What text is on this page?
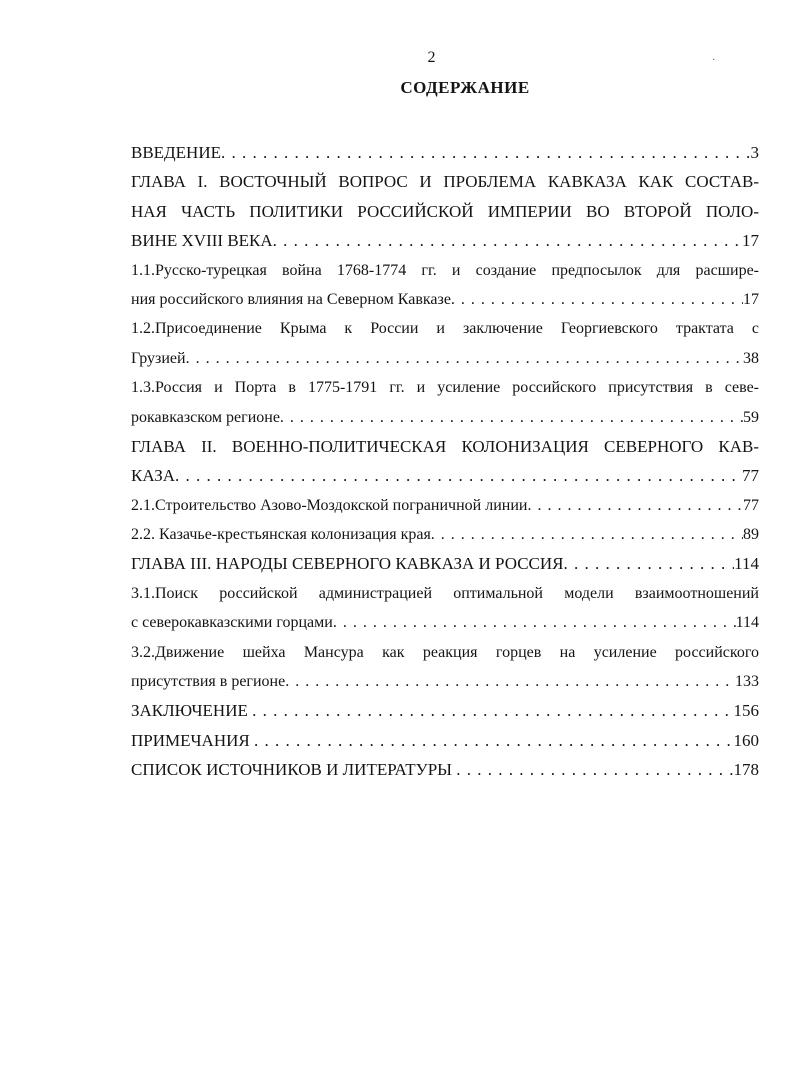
2	·
СОДЕРЖАНИЕ
ВВЕДЕНИЕ . . .	3
ГЛАВА I. ВОСТОЧНЫЙ ВОПРОС И ПРОБЛЕМА КАВКАЗА КАК СОСТАВ-
НАЯ ЧАСТЬ ПОЛИТИКИ РОССИЙСКОЙ ИМПЕРИИ ВО ВТОРОЙ ПОЛО-
ВИНЕ XVIII ВЕКА . . .	17
1.1.Русско-турецкая война 1768-1774 гг. и создание предпосылок для расшире-
ния российского влияния на Северном Кавказе . . .	17
1.2.Присоединение Крыма к России и заключение Георгиевского трактата с
Грузией . . .	38
1.3.Россия и Порта в 1775-1791 гг. и усиление российского присутствия в севе-
рокавказском регионе . . .	59
ГЛАВА II. ВОЕННО-ПОЛИТИЧЕСКАЯ КОЛОНИЗАЦИЯ СЕВЕРНОГО КАВ-
КАЗА . . .	77
2.1.Строительство Азово-Моздокской пограничной линии . . .	77
2.2. Казачье-крестьянская колонизация края . . .	89
ГЛАВА III. НАРОДЫ СЕВЕРНОГО КАВКАЗА И РОССИЯ . . .	114
3.1.Поиск российской администрацией оптимальной модели взаимоотношений
с северокавказскими горцами . . .	114
3.2.Движение шейха Мансура как реакция горцев на усиление российского
присутствия в регионе . . .	133
ЗАКЛЮЧЕНИЕ . . .	156
ПРИМЕЧАНИЯ . . .	160
СПИСОК ИСТОЧНИКОВ И ЛИТЕРАТУРЫ . . .	178
